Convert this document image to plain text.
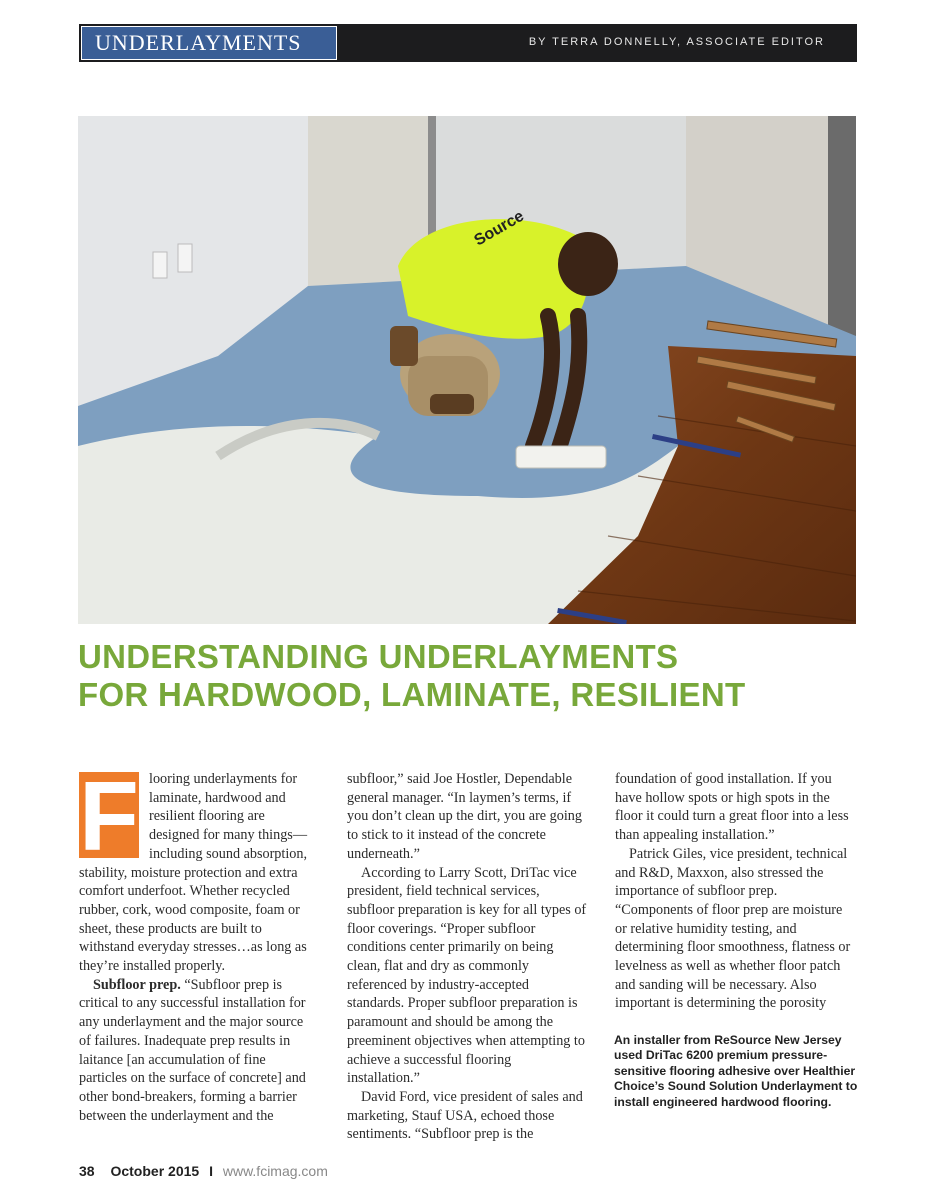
UNDERLAYMENTS	BY TERRA DONNELLY, ASSOCIATE EDITOR
Source
UNDERSTANDING UNDERLAYMENTS
FOR HARDWOOD, LAMINATE, RESILIENT
F looring underlayments for laminate, hardwood and resilient flooring are designed for many things—including sound absorption, stability, moisture protection and extra comfort underfoot. Whether recycled rubber, cork, wood composite, foam or sheet, these products are built to withstand everyday stresses…as long as they’re installed properly.

Subfloor prep. “Subfloor prep is critical to any successful installation for any underlayment and the major source of failures. Inadequate prep results in laitance [an accumulation of fine particles on the surface of concrete] and other bond-breakers, forming a barrier between the underlayment and the

subfloor,” said Joe Hostler, Dependable general manager. “In laymen’s terms, if you don’t clean up the dirt, you are going to stick to it instead of the concrete underneath.”

According to Larry Scott, DriTac vice president, field technical services, subfloor preparation is key for all types of floor coverings. “Proper subfloor conditions center primarily on being clean, flat and dry as commonly referenced by industry-accepted standards. Proper subfloor preparation is paramount and should be among the preeminent objectives when attempting to achieve a successful flooring installation.”

David Ford, vice president of sales and marketing, Stauf USA, echoed those sentiments. “Subfloor prep is the

foundation of good installation. If you have hollow spots or high spots in the floor it could turn a great floor into a less than appealing installation.”

Patrick Giles, vice president, technical and R&D, Maxxon, also stressed the importance of subfloor prep. “Components of floor prep are moisture or relative humidity testing, and determining floor smoothness, flatness or levelness as well as whether floor patch and sanding will be necessary. Also important is determining the porosity

An installer from ReSource New Jersey used DriTac 6200 premium pressure-sensitive flooring adhesive over Healthier Choice’s Sound Solution Underlayment to install engineered hardwood flooring.
38 October 2015 I www.fcimag.com
